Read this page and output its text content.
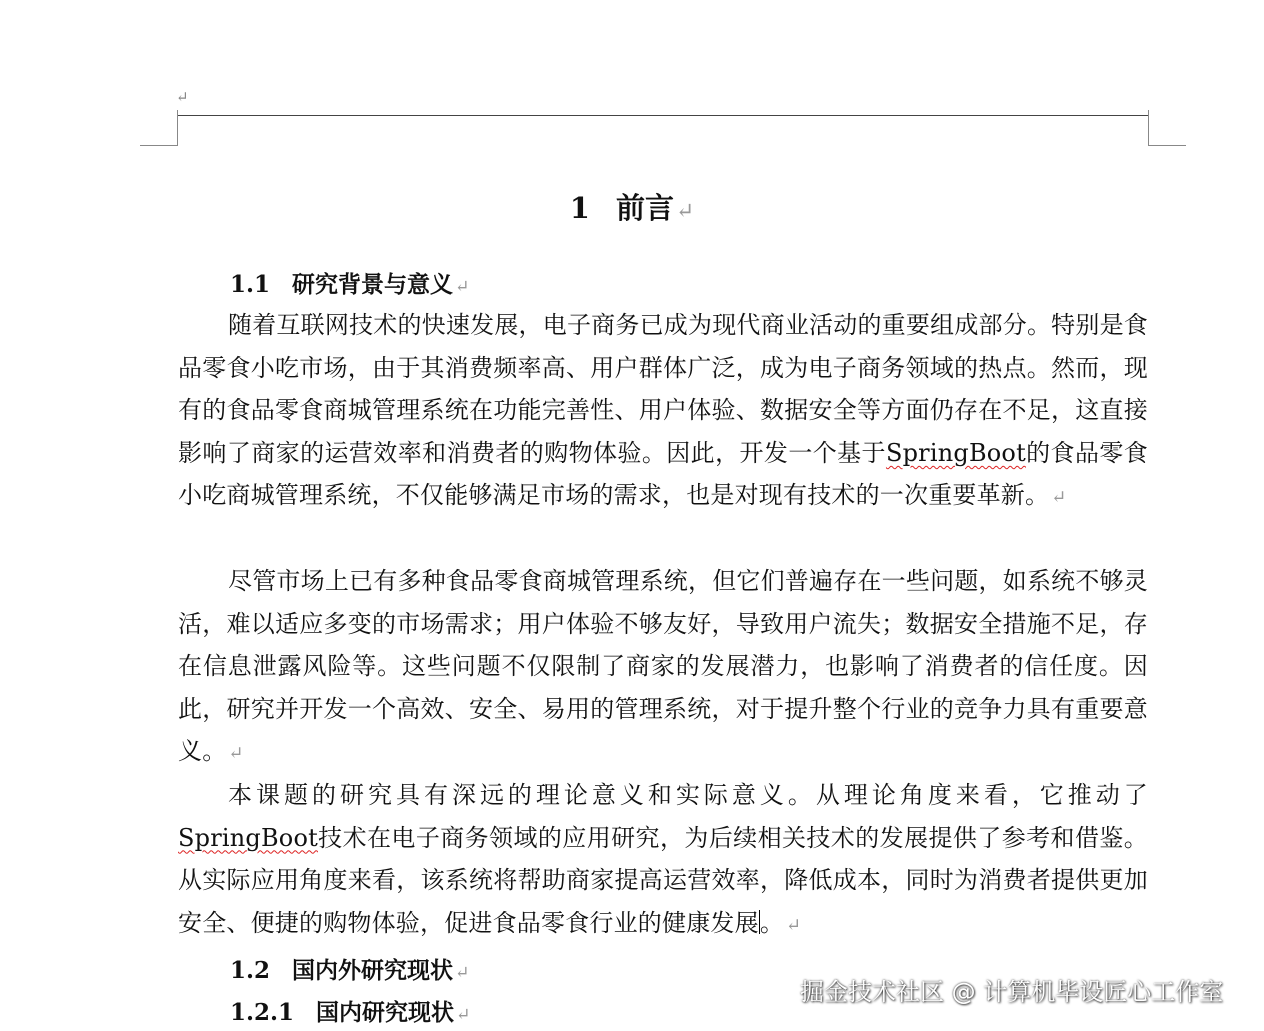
↵
1 前言↵
1.1 研究背景与意义 ↵
随着互联网技术的快速发展，电子商务已成为现代商业活动的重要组成部分。特别是食品零食小吃市场，由于其消费频率高、用户群体广泛，成为电子商务领域的热点。然而，现有的食品零食商城管理系统在功能完善性、用户体验、数据安全等方面仍存在不足，这直接影响了商家的运营效率和消费者的购物体验。因此，开发一个基于SpringBoot的食品零食小吃商城管理系统，不仅能够满足市场的需求，也是对现有技术的一次重要革新。 ↵
尽管市场上已有多种食品零食商城管理系统，但它们普遍存在一些问题，如系统不够灵活，难以适应多变的市场需求；用户体验不够友好，导致用户流失；数据安全措施不足，存在信息泄露风险等。这些问题不仅限制了商家的发展潜力，也影响了消费者的信任度。因此，研究并开发一个高效、安全、易用的管理系统，对于提升整个行业的竞争力具有重要意义。 ↵
本课题的研究具有深远的理论意义和实际意义。从理论角度来看，它推动了SpringBoot技术在电子商务领域的应用研究，为后续相关技术的发展提供了参考和借鉴。从实际应用角度来看，该系统将帮助商家提高运营效率，降低成本，同时为消费者提供更加安全、便捷的购物体验，促进食品零食行业的健康发展。 ↵
1.2 国内外研究现状 ↵
1.2.1 国内研究现状 ↵
掘金技术社区 @ 计算机毕设匠心工作室
